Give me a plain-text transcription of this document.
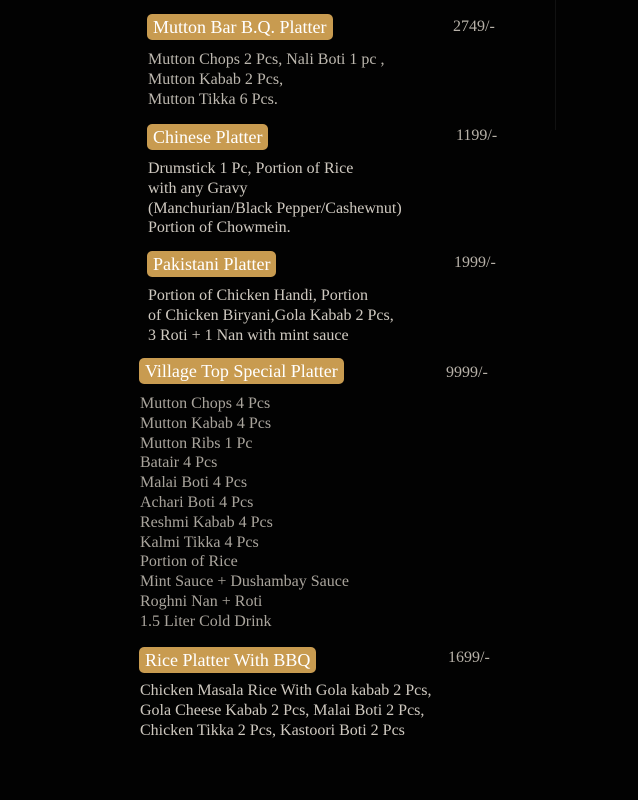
Mutton Bar B.Q. Platter	2749/-
Mutton Chops 2 Pcs, Nali Boti 1 pc ,
Mutton Kabab 2 Pcs,
Mutton Tikka 6 Pcs.
Chinese Platter	1199/-
Drumstick 1 Pc, Portion of Rice
with any Gravy
(Manchurian/Black Pepper/Cashewnut)
Portion of Chowmein.
Pakistani Platter	1999/-
Portion of Chicken Handi, Portion
of Chicken Biryani,Gola Kabab 2 Pcs,
3 Roti + 1 Nan with mint sauce
Village Top Special Platter	9999/-
Mutton Chops 4 Pcs
Mutton Kabab 4 Pcs
Mutton Ribs 1 Pc
Batair 4 Pcs
Malai Boti 4 Pcs
Achari Boti 4 Pcs
Reshmi Kabab 4 Pcs
Kalmi Tikka 4 Pcs
Portion of Rice
Mint Sauce + Dushambay Sauce
Roghni Nan + Roti
1.5 Liter Cold Drink
Rice Platter With BBQ	1699/-
Chicken Masala Rice With Gola kabab 2 Pcs,
Gola Cheese Kabab 2 Pcs, Malai Boti 2 Pcs,
Chicken Tikka 2 Pcs, Kastoori Boti 2 Pcs
